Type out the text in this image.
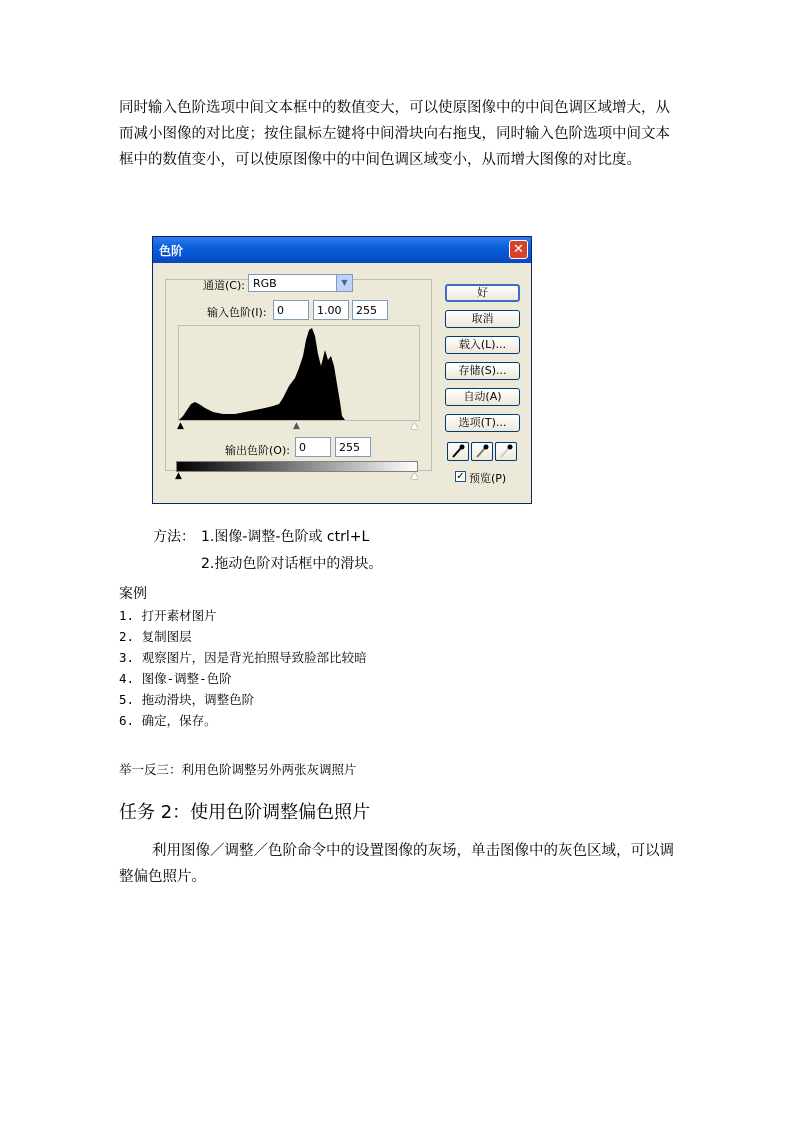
同时输入色阶选项中间文本框中的数值变大，可以使原图像中的中间色调区域增大，从而减小图像的对比度；按住鼠标左键将中间滑块向右拖曳，同时输入色阶选项中间文本框中的数值变小，可以使原图像中的中间色调区域变小，从而增大图像的对比度。

色阶	✕
通道(C): RGB	▼
输入色阶(I): 0	1.00	255
▲	▲	▲
输出色阶(O): 0	255
▲	▲
好
取消
载入(L)...
存储(S)...
自动(A)
选项(T)...
✓ 预览(P)
方法： 1.图像-调整-色阶或 ctrl+L
2.拖动色阶对话框中的滑块。
案例
1. 打开素材图片
2. 复制图层
3. 观察图片，因是背光拍照导致脸部比较暗
4. 图像-调整-色阶
5. 拖动滑块，调整色阶
6. 确定，保存。
举一反三：利用色阶调整另外两张灰调照片
任务 2：使用色阶调整偏色照片

利用图像／调整／色阶命令中的设置图像的灰场，单击图像中的灰色区域，可以调整偏色照片。
